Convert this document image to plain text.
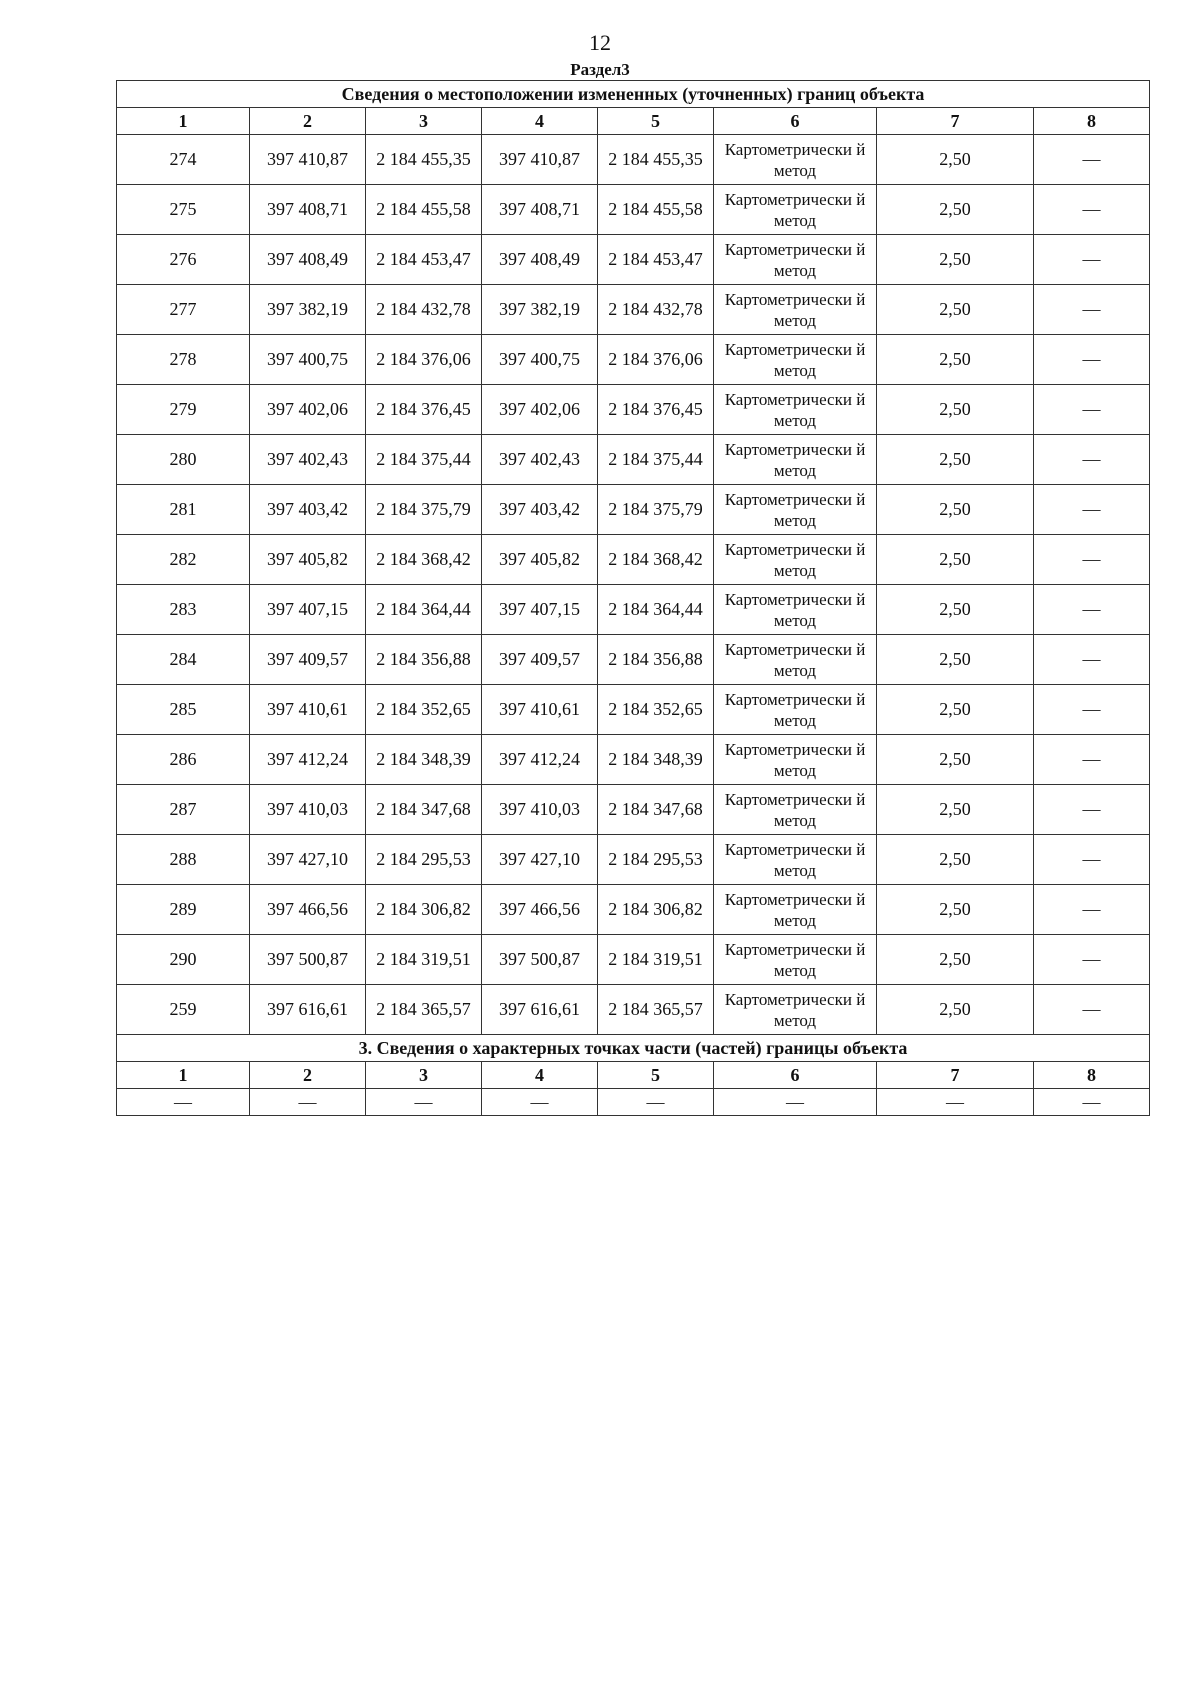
12
Раздел3
Сведения о местоположении измененных (уточненных) границ объекта							
1	2	3	4	5	6	7	8
274	397 410,87	2 184 455,35	397 410,87	2 184 455,35	Картометрически й метод	2,50	—
275	397 408,71	2 184 455,58	397 408,71	2 184 455,58	Картометрически й метод	2,50	—
276	397 408,49	2 184 453,47	397 408,49	2 184 453,47	Картометрически й метод	2,50	—
277	397 382,19	2 184 432,78	397 382,19	2 184 432,78	Картометрически й метод	2,50	—
278	397 400,75	2 184 376,06	397 400,75	2 184 376,06	Картометрически й метод	2,50	—
279	397 402,06	2 184 376,45	397 402,06	2 184 376,45	Картометрически й метод	2,50	—
280	397 402,43	2 184 375,44	397 402,43	2 184 375,44	Картометрически й метод	2,50	—
281	397 403,42	2 184 375,79	397 403,42	2 184 375,79	Картометрически й метод	2,50	—
282	397 405,82	2 184 368,42	397 405,82	2 184 368,42	Картометрически й метод	2,50	—
283	397 407,15	2 184 364,44	397 407,15	2 184 364,44	Картометрически й метод	2,50	—
284	397 409,57	2 184 356,88	397 409,57	2 184 356,88	Картометрически й метод	2,50	—
285	397 410,61	2 184 352,65	397 410,61	2 184 352,65	Картометрически й метод	2,50	—
286	397 412,24	2 184 348,39	397 412,24	2 184 348,39	Картометрически й метод	2,50	—
287	397 410,03	2 184 347,68	397 410,03	2 184 347,68	Картометрически й метод	2,50	—
288	397 427,10	2 184 295,53	397 427,10	2 184 295,53	Картометрически й метод	2,50	—
289	397 466,56	2 184 306,82	397 466,56	2 184 306,82	Картометрически й метод	2,50	—
290	397 500,87	2 184 319,51	397 500,87	2 184 319,51	Картометрически й метод	2,50	—
259	397 616,61	2 184 365,57	397 616,61	2 184 365,57	Картометрически й метод	2,50	—
3. Сведения о характерных точках части (частей) границы объекта							
1	2	3	4	5	6	7	8
—	—	—	—	—	—	—	—
